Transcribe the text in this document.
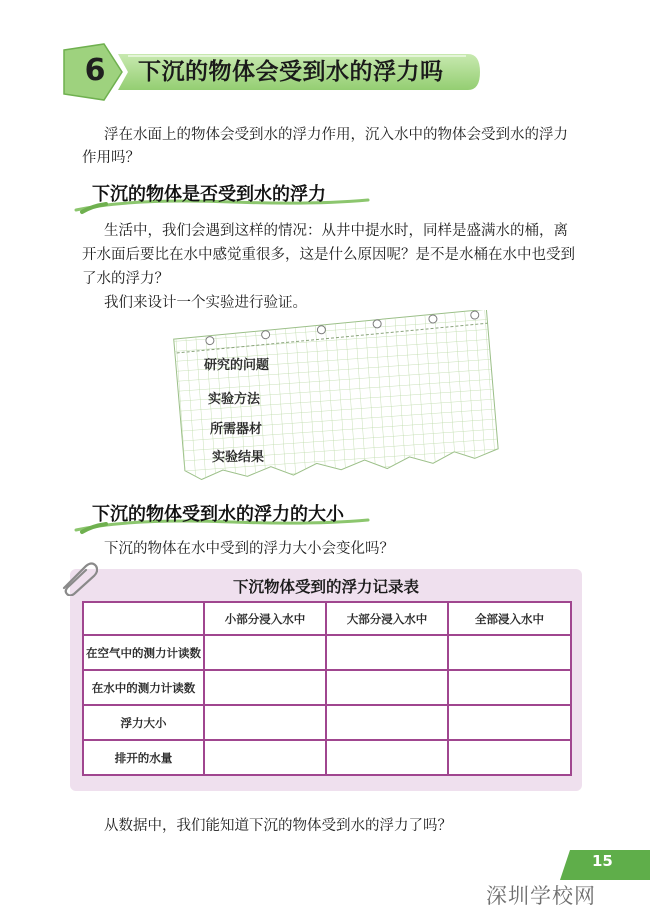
6	下沉的物体会受到水的浮力吗

浮在水面上的物体会受到水的浮力作用，沉入水中的物体会受到水的浮力

作用吗？

下沉的物体是否受到水的浮力

生活中，我们会遇到这样的情况：从井中提水时，同样是盛满水的桶，离

开水面后要比在水中感觉重很多，这是什么原因呢？是不是水桶在水中也受到

了水的浮力？

我们来设计一个实验进行验证。

研究的问题
实验方法
所需器材
实验结果
下沉的物体受到水的浮力的大小

下沉的物体在水中受到的浮力大小会变化吗？

下沉物体受到的浮力记录表
	小部分浸入水中	大部分浸入水中	全部浸入水中
在空气中的测力计读数			
在水中的测力计读数			
浮力大小			
排开的水量			

从数据中，我们能知道下沉的物体受到水的浮力了吗？

15
深圳学校网
